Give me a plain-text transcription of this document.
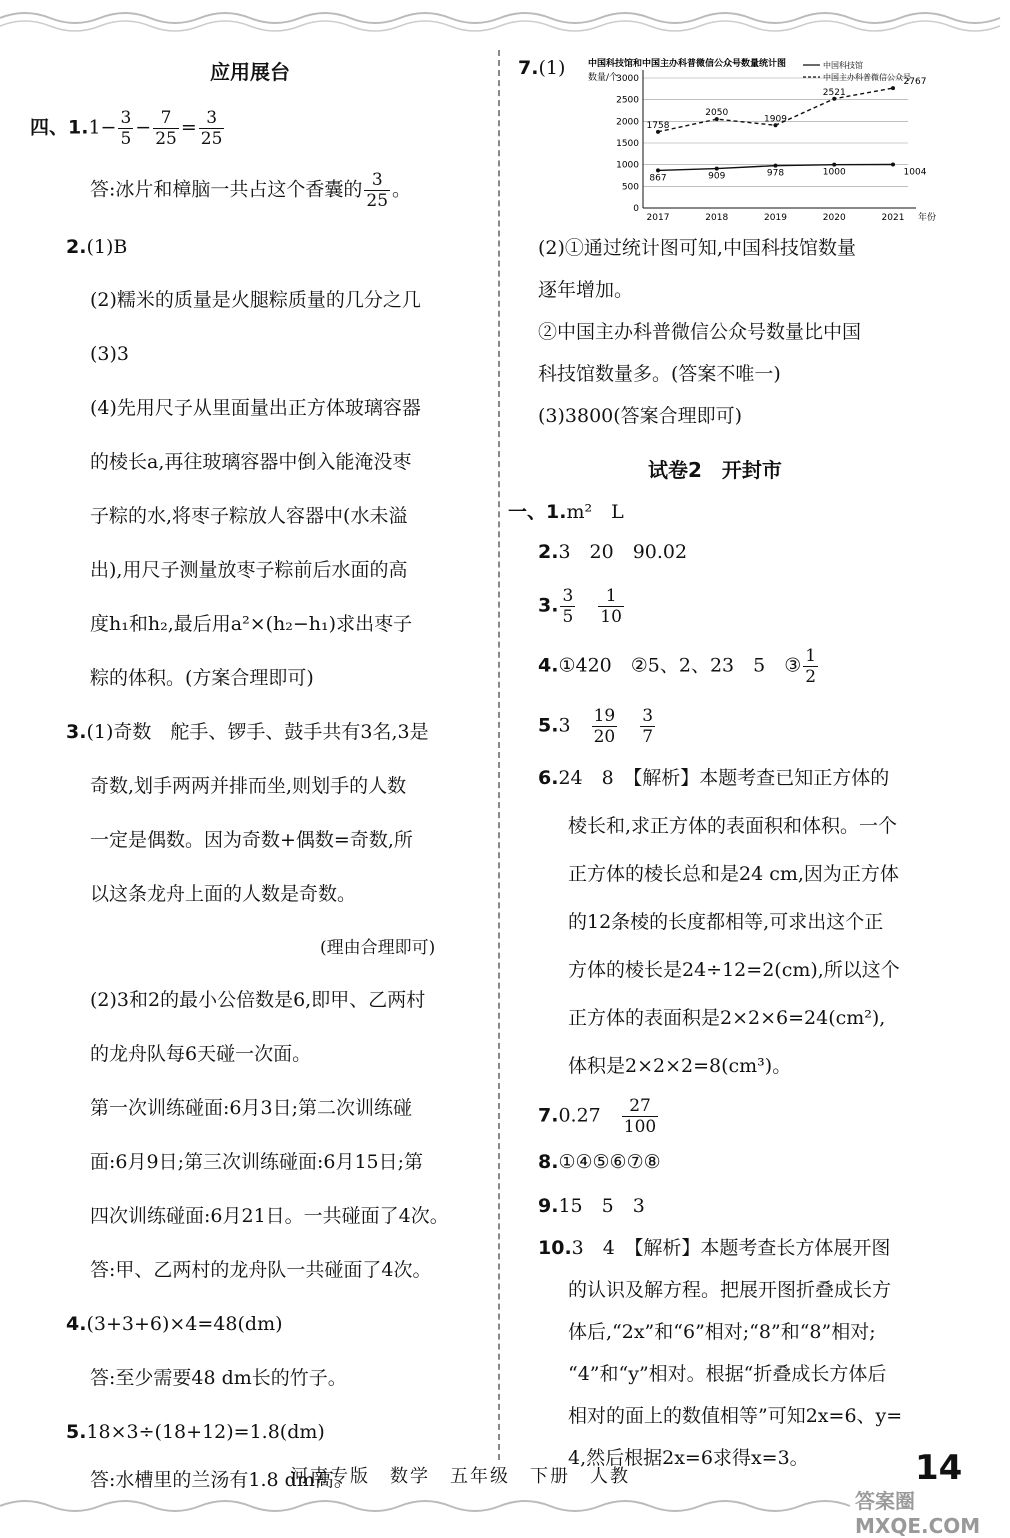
应用展台
四、$1.1- \frac{3}{5} - \frac{7}{25} = \frac{3}{25}$
答:冰片和樟脑一共占这个香囊的 $\frac{3}{25}$ 。
2.(1)B
(2)糯米的质量是火腿粽质量的几分之几
(3)3
(4)先用尺子从里面量出正方体玻璃容器
的棱长a,再往玻璃容器中倒入能淹没枣
子粽的水,将枣子粽放人容器中(水未溢
出),用尺子测量放枣子粽前后水面的高
度h₁和h₂,最后用a²×(h₂−h₁)求出枣子
粽的体积。(方案合理即可)
3.(1)奇数　舵手、锣手、鼓手共有3名,3是
奇数,划手两两并排而坐,则划手的人数
一定是偶数。因为奇数+偶数=奇数,所
以这条龙舟上面的人数是奇数。
(理由合理即可)
(2)3和2的最小公倍数是6,即甲、乙两村
的龙舟队每6天碰一次面。
第一次训练碰面:6月3日;第二次训练碰
面:6月9日;第三次训练碰面:6月15日;第
四次训练碰面:6月21日。一共碰面了4次。
答:甲、乙两村的龙舟队一共碰面了4次。
4.(3+3+6)×4=48(dm)
答:至少需要48 dm长的竹子。
5.18×3÷(18+12)=1.8(dm)
答:水槽里的兰汤有1.8 dm高。
7.(1)	中国科技馆和中国主办科普微信公众号数量统计图
数量/个
0
500
1000
1500
2000
2500
3000
2017	2018	2019	2020	2021 年份
中国科技馆
中国主办科普微信公众号
867	909	978	1000	1004
1758
2050
1909
2521
2767
(2)①通过统计图可知,中国科技馆数量
逐年增加。
②中国主办科普微信公众号数量比中国
科技馆数量多。(答案不唯一)
(3)3800(答案合理即可)
试卷2　开封市
一、1.m²　L
2.3　20　90.02
3. $\frac{3}{5}$
　 $\frac{1}{10}$
4.①420　②5、2、23　5　③ $\frac{1}{2}$
5.3　 $\frac{19}{20}$
　 $\frac{3}{7}$
6.24　8　【解析】本题考查已知正方体的
棱长和,求正方体的表面积和体积。一个
正方体的棱长总和是24 cm,因为正方体
的12条棱的长度都相等,可求出这个正
方体的棱长是24÷12=2(cm),所以这个
正方体的表面积是2×2×6=24(cm²),
体积是2×2×2=8(cm³)。
7.0.27　 $\frac{27}{100}$
8.①④⑤⑥⑦⑧
9.15　5　3
10.3　4　【解析】本题考查长方体展开图
的认识及解方程。把展开图折叠成长方
体后,“2x”和“6”相对;“8”和“8”相对;
“4”和“y”相对。根据“折叠成长方体后
相对的面上的数值相等”可知2x=6、y=
4,然后根据2x=6求得x=3。
河南专版　数学　五年级　下册　人教	14
答案圈 MXQE.COM
